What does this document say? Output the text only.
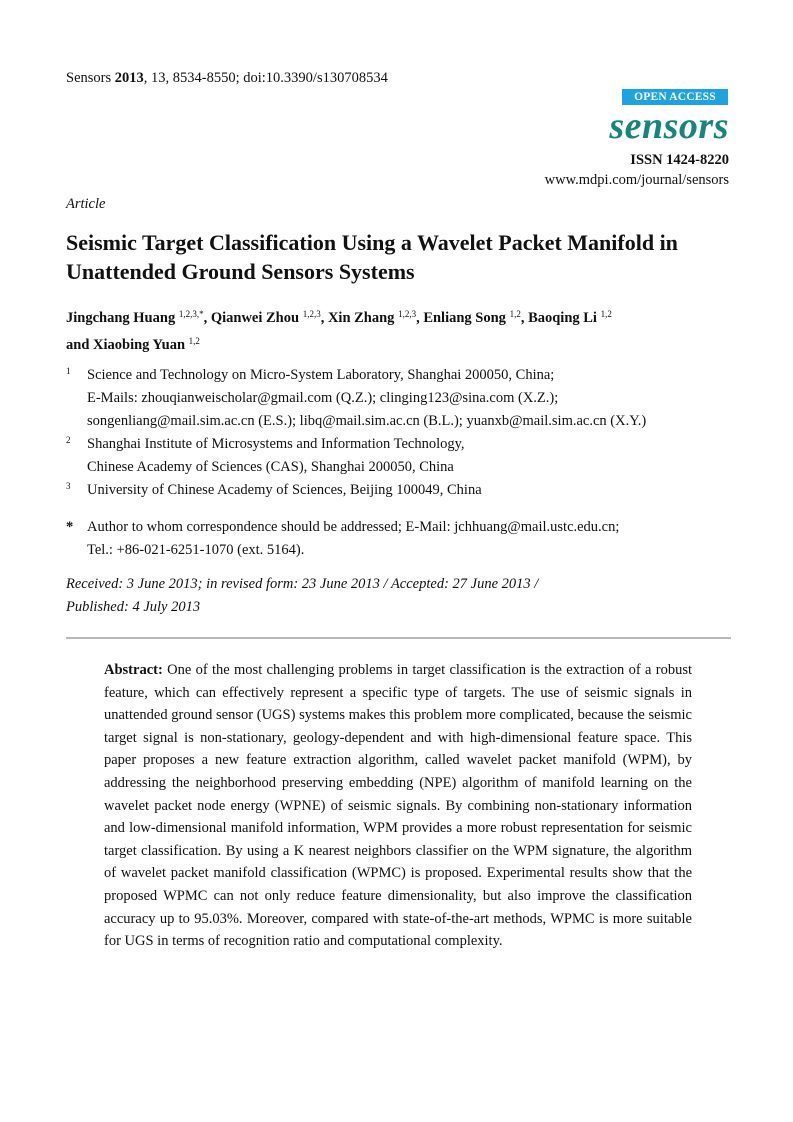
Sensors 2013, 13, 8534-8550; doi:10.3390/s130708534
OPEN ACCESS
sensors
ISSN 1424-8220
www.mdpi.com/journal/sensors
Article
Seismic Target Classification Using a Wavelet Packet Manifold in Unattended Ground Sensors Systems
Jingchang Huang $^{1,2,3,*}$, Qianwei Zhou $^{1,2,3}$, Xin Zhang $^{1,2,3}$, Enliang Song $^{1,2}$, Baoqing Li $^{1,2}$
and Xiaobing Yuan $^{1,2}$
1 Science and Technology on Micro-System Laboratory, Shanghai 200050, China;
E-Mails: zhouqianweischolar@gmail.com (Q.Z.); clinging123@sina.com (X.Z.);
songenliang@mail.sim.ac.cn (E.S.); libq@mail.sim.ac.cn (B.L.); yuanxb@mail.sim.ac.cn (X.Y.)
2 Shanghai Institute of Microsystems and Information Technology,
Chinese Academy of Sciences (CAS), Shanghai 200050, China
3 University of Chinese Academy of Sciences, Beijing 100049, China
* Author to whom correspondence should be addressed; E-Mail: jchhuang@mail.ustc.edu.cn;
Tel.: +86-021-6251-1070 (ext. 5164).
Received: 3 June 2013; in revised form: 23 June 2013 / Accepted: 27 June 2013 /
Published: 4 July 2013
Abstract: One of the most challenging problems in target classification is the extraction of a robust feature, which can effectively represent a specific type of targets. The use of seismic signals in unattended ground sensor (UGS) systems makes this problem more complicated, because the seismic target signal is non-stationary, geology-dependent and with high-dimensional feature space. This paper proposes a new feature extraction algorithm, called wavelet packet manifold (WPM), by addressing the neighborhood preserving embedding (NPE) algorithm of manifold learning on the wavelet packet node energy (WPNE) of seismic signals. By combining non-stationary information and low-dimensional manifold information, WPM provides a more robust representation for seismic target classification. By using a K nearest neighbors classifier on the WPM signature, the algorithm of wavelet packet manifold classification (WPMC) is proposed. Experimental results show that the proposed WPMC can not only reduce feature dimensionality, but also improve the classification accuracy up to 95.03%. Moreover, compared with state-of-the-art methods, WPMC is more suitable for UGS in terms of recognition ratio and computational complexity.
